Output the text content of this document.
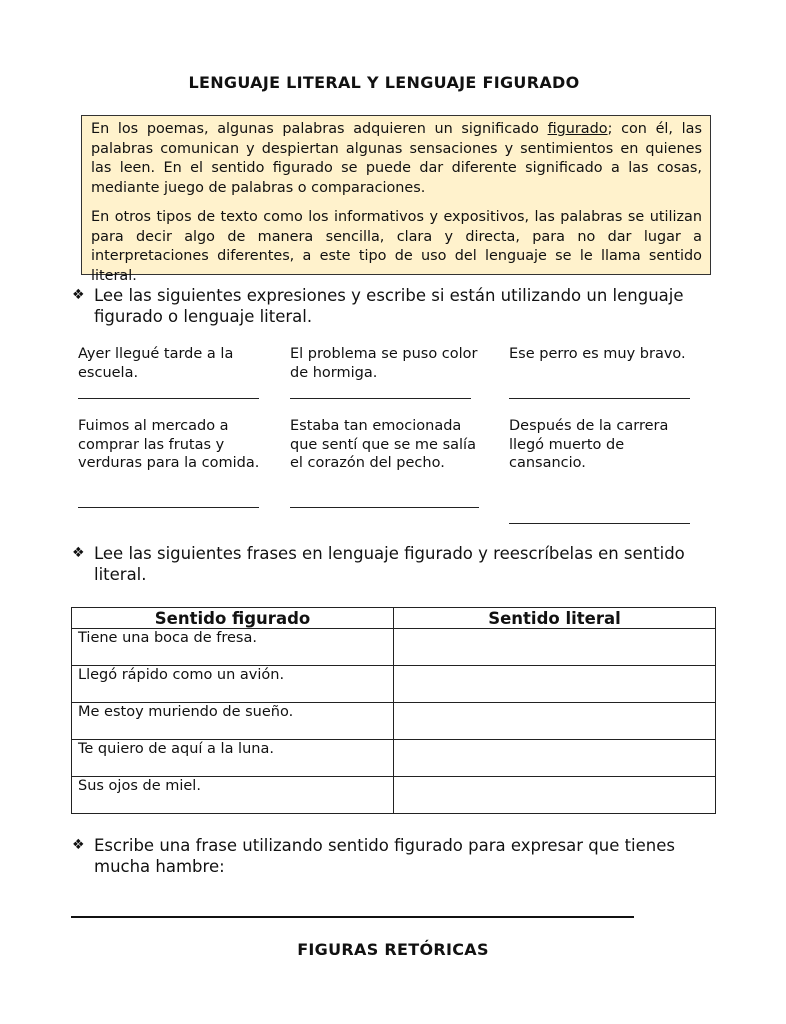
LENGUAJE LITERAL Y LENGUAJE FIGURADO

En los poemas, algunas palabras adquieren un significado figurado; con él, las palabras comunican y despiertan algunas sensaciones y sentimientos en quienes las leen. En el sentido figurado se puede dar diferente significado a las cosas, mediante juego de palabras o comparaciones.

En otros tipos de texto como los informativos y expositivos, las palabras se utilizan para decir algo de manera sencilla, clara y directa, para no dar lugar a interpretaciones diferentes, a este tipo de uso del lenguaje se le llama sentido literal.

❖ Lee las siguientes expresiones y escribe si están utilizando un lenguaje figurado o lenguaje literal.
Ayer llegué tarde a la escuela.
El problema se puso color de hormiga.
Ese perro es muy bravo.
Fuimos al mercado a comprar las frutas y verduras para la comida.
Estaba tan emocionada que sentí que se me salía el corazón del pecho.
Después de la carrera llegó muerto de cansancio.
❖ Lee las siguientes frases en lenguaje figurado y reescríbelas en sentido literal.
Sentido figurado	Sentido literal
Tiene una boca de fresa.	
Llegó rápido como un avión.	
Me estoy muriendo de sueño.	
Te quiero de aquí a la luna.	
Sus ojos de miel.	
❖ Escribe una frase utilizando sentido figurado para expresar que tienes mucha hambre:
FIGURAS RETÓRICAS
